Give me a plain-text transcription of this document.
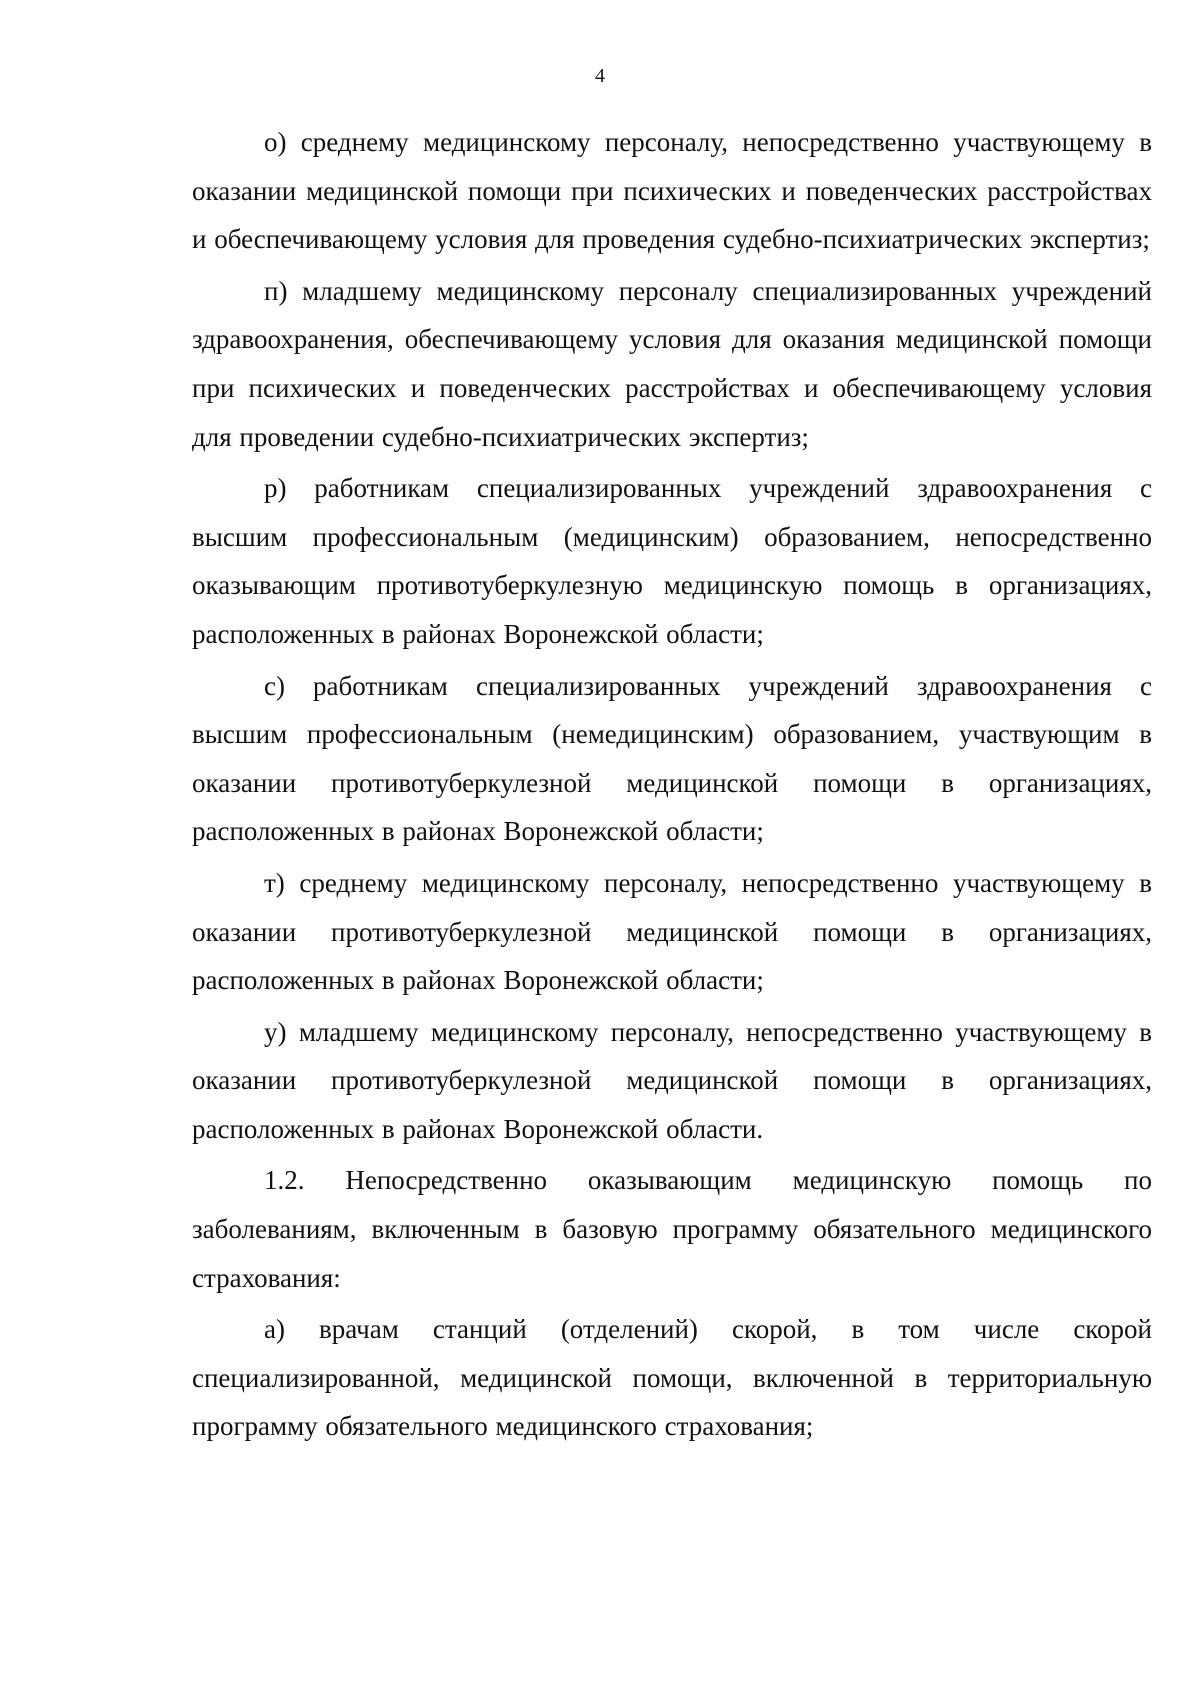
4

о) среднему медицинскому персоналу, непосредственно участвующему в оказании медицинской помощи при психических и поведенческих расстройствах и обеспечивающему условия для проведения судебно-психиатрических экспертиз;

п) младшему медицинскому персоналу специализированных учреждений здравоохранения, обеспечивающему условия для оказания медицинской помощи при психических и поведенческих расстройствах и обеспечивающему условия для проведении судебно-психиатрических экспертиз;

р) работникам специализированных учреждений здравоохранения с высшим профессиональным (медицинским) образованием, непосредственно оказывающим противотуберкулезную медицинскую помощь в организациях, расположенных в районах Воронежской области;

с) работникам специализированных учреждений здравоохранения с высшим профессиональным (немедицинским) образованием, участвующим в оказании противотуберкулезной медицинской помощи в организациях, расположенных в районах Воронежской области;

т) среднему медицинскому персоналу, непосредственно участвующему в оказании противотуберкулезной медицинской помощи в организациях, расположенных в районах Воронежской области;

у) младшему медицинскому персоналу, непосредственно участвующему в оказании противотуберкулезной медицинской помощи в организациях, расположенных в районах Воронежской области.

1.2. Непосредственно оказывающим медицинскую помощь по заболеваниям, включенным в базовую программу обязательного медицинского страхования:

а) врачам станций (отделений) скорой, в том числе скорой специализированной, медицинской помощи, включенной в территориальную программу обязательного медицинского страхования;
